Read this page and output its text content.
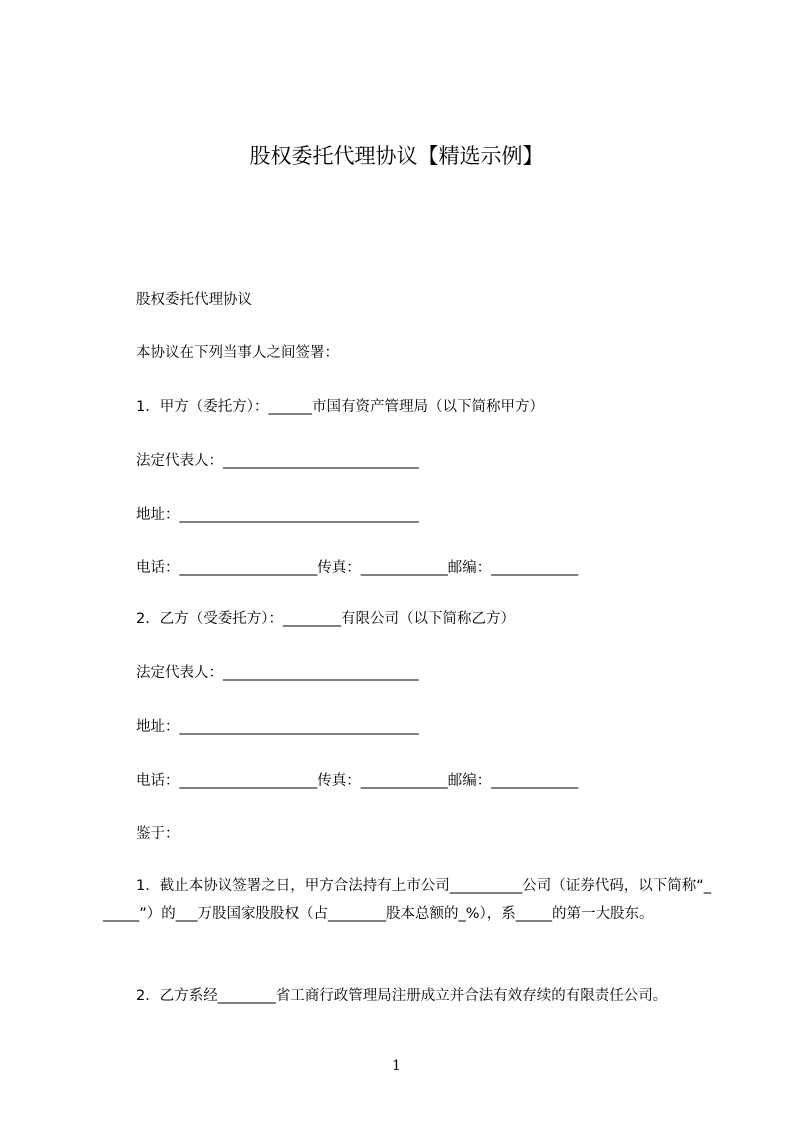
股权委托代理协议【精选示例】
股权委托代理协议
本协议在下列当事人之间签署：
1．甲方（委托方）：______市国有资产管理局（以下简称甲方）
法定代表人：___________________________
地址：_________________________________
电话：___________________传真：____________邮编：____________
2．乙方（受委托方）：________有限公司（以下简称乙方）
法定代表人：___________________________
地址：_________________________________
电话：___________________传真：____________邮编：____________
鉴于：
1．截止本协议签署之日，甲方合法持有上市公司__________公司（证券代码，以下简称“______”）的___万股国家股股权（占________股本总额的_%），系_____的第一大股东。
2．乙方系经________省工商行政管理局注册成立并合法有效存续的有限责任公司。
1
